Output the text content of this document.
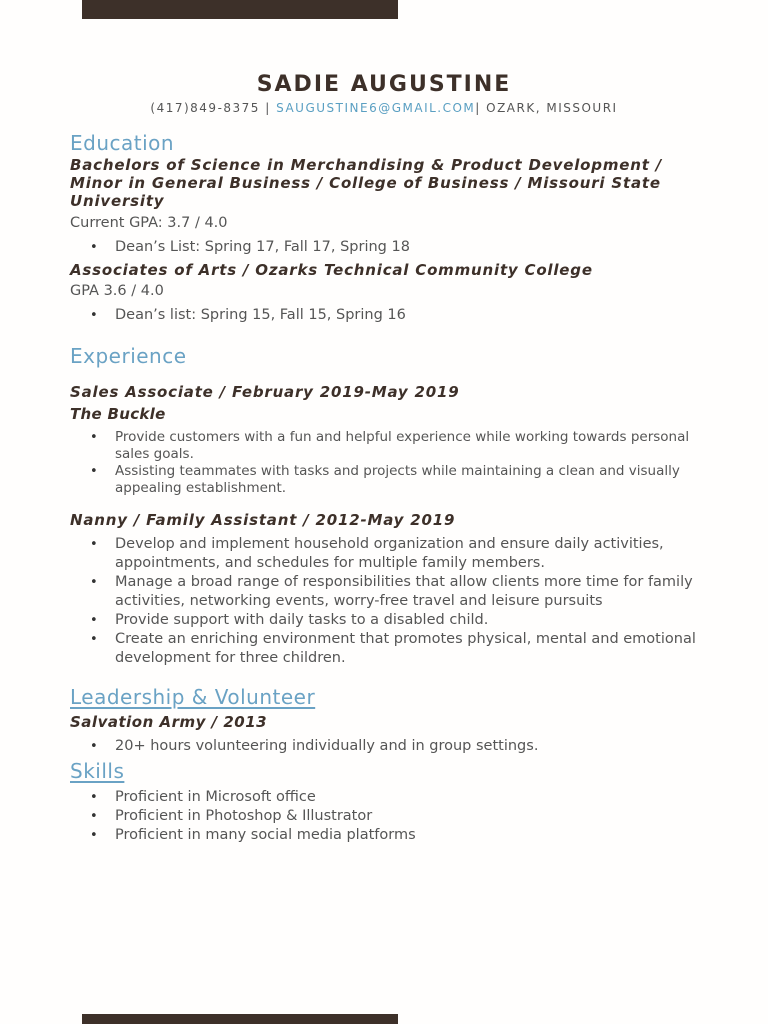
SADIE AUGUSTINE
(417)849-8375 | SAUGUSTINE6@GMAIL.COM| OZARK, MISSOURI
Education
Bachelors of Science in Merchandising & Product Development / Minor in General Business / College of Business / Missouri State University
Current GPA: 3.7 / 4.0
• Dean’s List: Spring 17, Fall 17, Spring 18
Associates of Arts / Ozarks Technical Community College
GPA 3.6 / 4.0
• Dean’s list: Spring 15, Fall 15, Spring 16
Experience
Sales Associate / February 2019-May 2019
The Buckle
• Provide customers with a fun and helpful experience while working towards personal sales goals.
• Assisting teammates with tasks and projects while maintaining a clean and visually appealing establishment.
Nanny / Family Assistant / 2012-May 2019
• Develop and implement household organization and ensure daily activities, appointments, and schedules for multiple family members.
• Manage a broad range of responsibilities that allow clients more time for family activities, networking events, worry-free travel and leisure pursuits
• Provide support with daily tasks to a disabled child.
• Create an enriching environment that promotes physical, mental and emotional development for three children.
Leadership & Volunteer
Salvation Army / 2013
• 20+ hours volunteering individually and in group settings.
Skills
• Proficient in Microsoft office
• Proficient in Photoshop & Illustrator
• Proficient in many social media platforms
